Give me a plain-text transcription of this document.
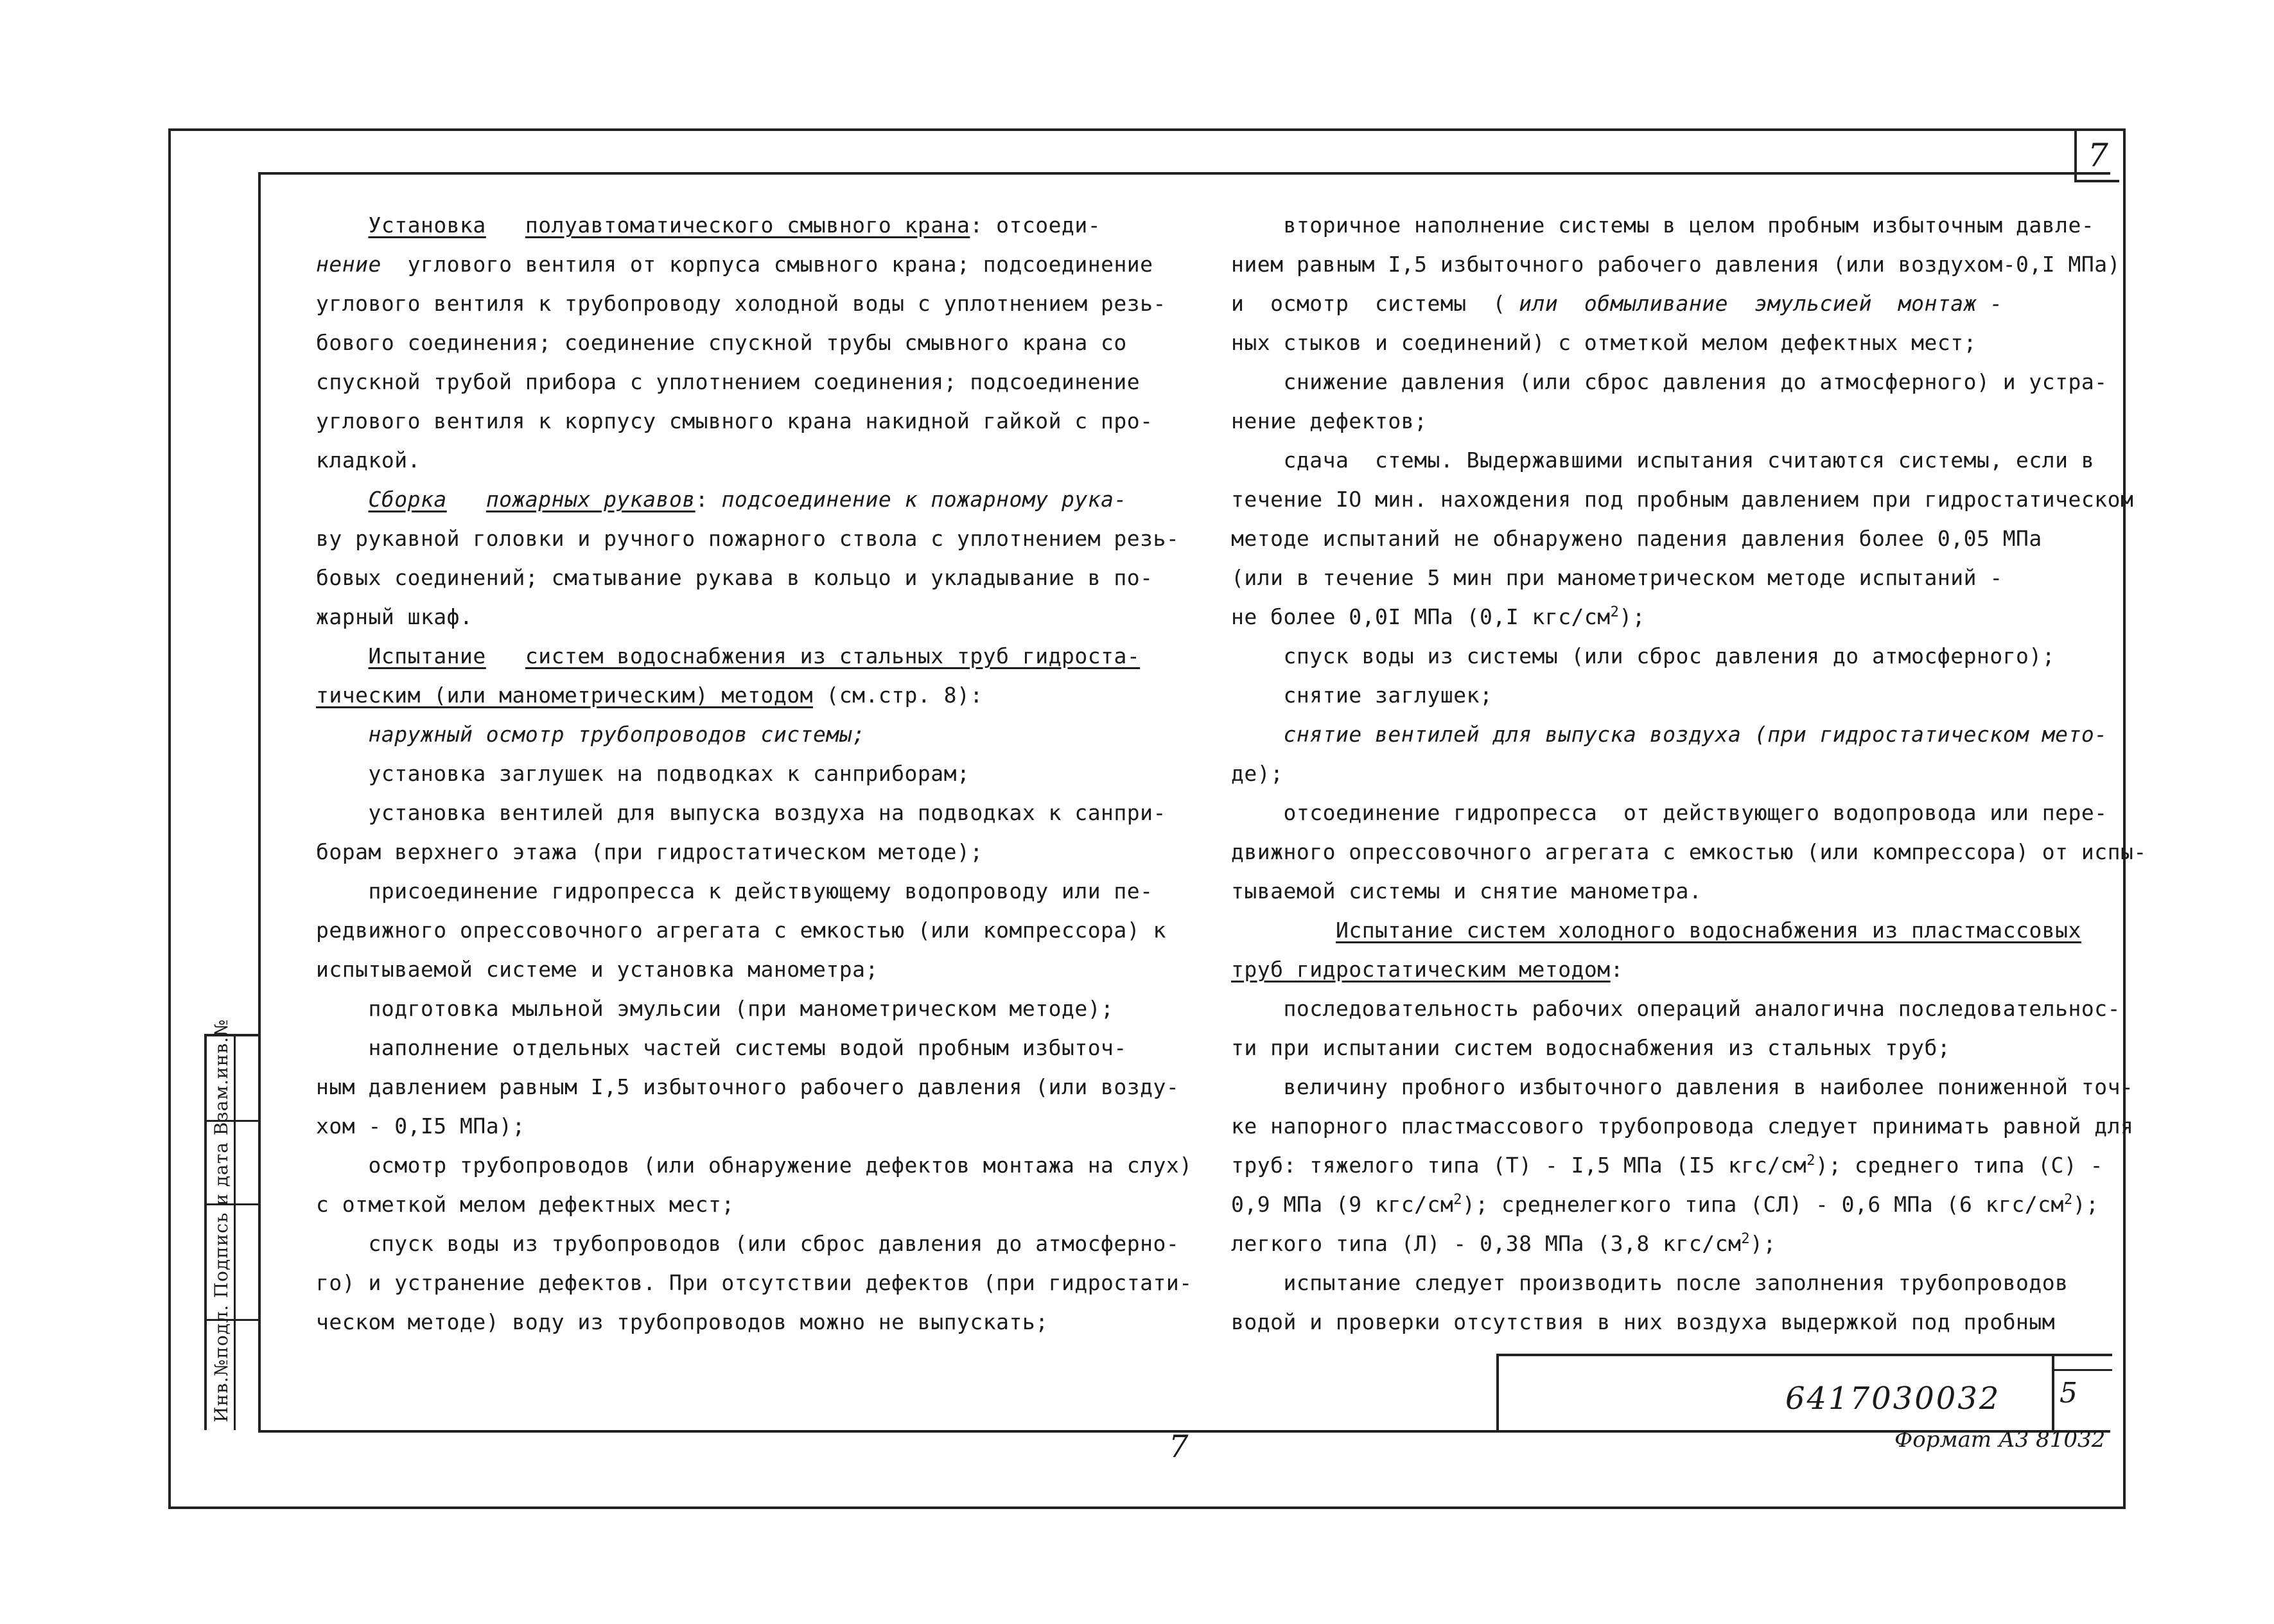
7
Установка полуавтоматического смывного крана: отсоеди-
нение  углового вентиля от корпуса смывного крана; подсоединение
углового вентиля к трубопроводу холодной воды с уплотнением резь-
бового соединения; соединение спускной трубы смывного крана со
спускной трубой прибора с уплотнением соединения; подсоединение
углового вентиля к корпусу смывного крана накидной гайкой с про-
кладкой.
Сборка пожарных рукавов: подсоединение к пожарному рука-
ву рукавной головки и ручного пожарного ствола с уплотнением резь-
бовых соединений; сматывание рукава в кольцо и укладывание в по-
жарный шкаф.
Испытание систем водоснабжения из стальных труб гидроста-
тическим (или манометрическим) методом (см.стр. 8):
наружный осмотр трубопроводов системы;
установка заглушек на подводках к санприборам;
установка вентилей для выпуска воздуха на подводках к санпри-
борам верхнего этажа (при гидростатическом методе);
присоединение гидропресса к действующему водопроводу или пе-
редвижного опрессовочного агрегата с емкостью (или компрессора) к
испытываемой системе и установка манометра;
подготовка мыльной эмульсии (при манометрическом методе);
наполнение отдельных частей системы водой пробным избыточ-
ным давлением равным I,5 избыточного рабочего давления (или возду-
хом - 0,I5 МПа);
осмотр трубопроводов (или обнаружение дефектов монтажа на слух)
с отметкой мелом дефектных мест;
спуск воды из трубопроводов (или сброс давления до атмосферно-
го) и устранение дефектов. При отсутствии дефектов (при гидростати-
ческом методе) воду из трубопроводов можно не выпускать;
вторичное наполнение системы в целом пробным избыточным давле-
нием равным I,5 избыточного рабочего давления (или воздухом-0,I МПа)
и  осмотр  системы  ( или  обмыливание  эмульсией  монтаж -
ных стыков и соединений) с отметкой мелом дефектных мест;
снижение давления (или сброс давления до атмосферного) и устра-
нение дефектов;
сдача  стемы. Выдержавшими испытания считаются системы, если в
течение IO мин. нахождения под пробным давлением при гидростатическом
методе испытаний не обнаружено падения давления более 0,05 МПа
(или в течение 5 мин при манометрическом методе испытаний -
не более 0,0I МПа (0,I кгс/$см^2$);
спуск воды из системы (или сброс давления до атмосферного);
снятие заглушек;
снятие вентилей для выпуска воздуха (при гидростатическом мето-
де);
отсоединение гидропресса  от действующего водопровода или пере-
движного опрессовочного агрегата с емкостью (или компрессора) от испы-
тываемой системы и снятие манометра.
Испытание систем холодного водоснабжения из пластмассовых
труб гидростатическим методом:
последовательность рабочих операций аналогична последовательнос-
ти при испытании систем водоснабжения из стальных труб;
величину пробного избыточного давления в наиболее пониженной точ-
ке напорного пластмассового трубопровода следует принимать равной для
труб: тяжелого типа (Т) - I,5 МПа (I5 кгс/$см^2$); среднего типа (С) -
0,9 МПа (9 кгс/$см^2$); среднелегкого типа (СЛ) - 0,6 МПа (6 кгс/$см^2$);
легкого типа (Л) - 0,38 МПа (3,8 кгс/$см^2$);
испытание следует производить после заполнения трубопроводов
водой и проверки отсутствия в них воздуха выдержкой под пробным
Инв.№подл. Подпись и дата Взам.инв.№	6417030032 5
7	Формат А3 81032
